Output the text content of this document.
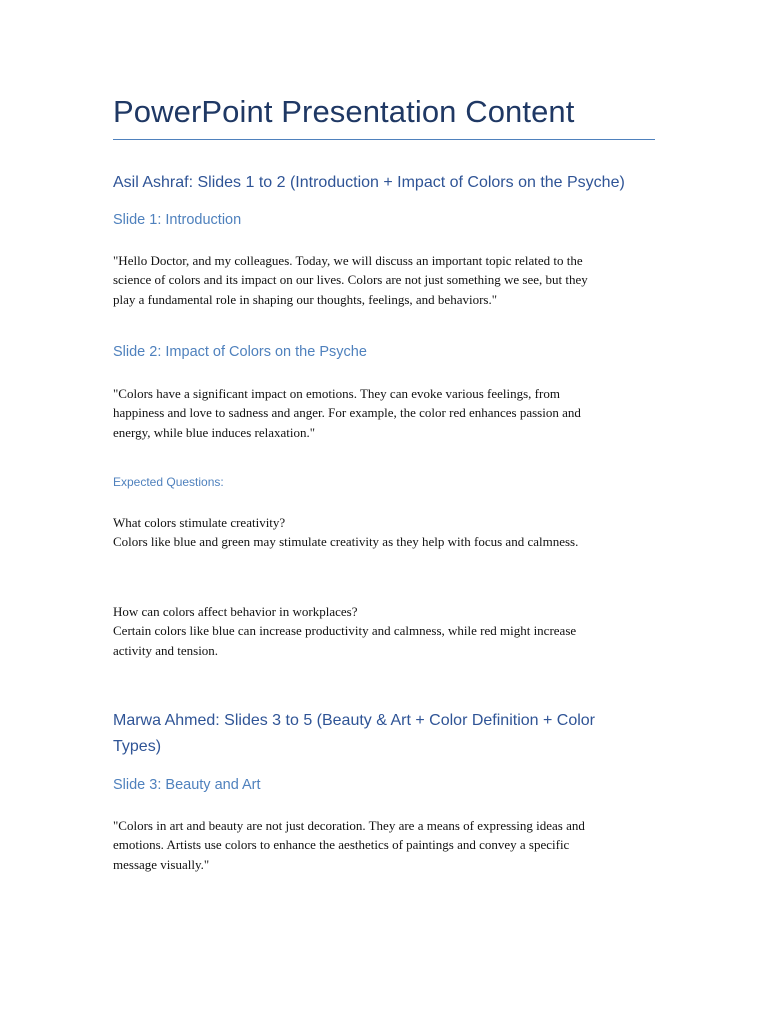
PowerPoint Presentation Content
Asil Ashraf: Slides 1 to 2 (Introduction + Impact of Colors on the Psyche)
Slide 1: Introduction
"Hello Doctor, and my colleagues. Today, we will discuss an important topic related to the
science of colors and its impact on our lives. Colors are not just something we see, but they
play a fundamental role in shaping our thoughts, feelings, and behaviors."
Slide 2: Impact of Colors on the Psyche
"Colors have a significant impact on emotions. They can evoke various feelings, from
happiness and love to sadness and anger. For example, the color red enhances passion and
energy, while blue induces relaxation."
Expected Questions:
What colors stimulate creativity?
Colors like blue and green may stimulate creativity as they help with focus and calmness.
How can colors affect behavior in workplaces?
Certain colors like blue can increase productivity and calmness, while red might increase
activity and tension.
Marwa Ahmed: Slides 3 to 5 (Beauty & Art + Color Definition + Color
Types)
Slide 3: Beauty and Art
"Colors in art and beauty are not just decoration. They are a means of expressing ideas and
emotions. Artists use colors to enhance the aesthetics of paintings and convey a specific
message visually."
